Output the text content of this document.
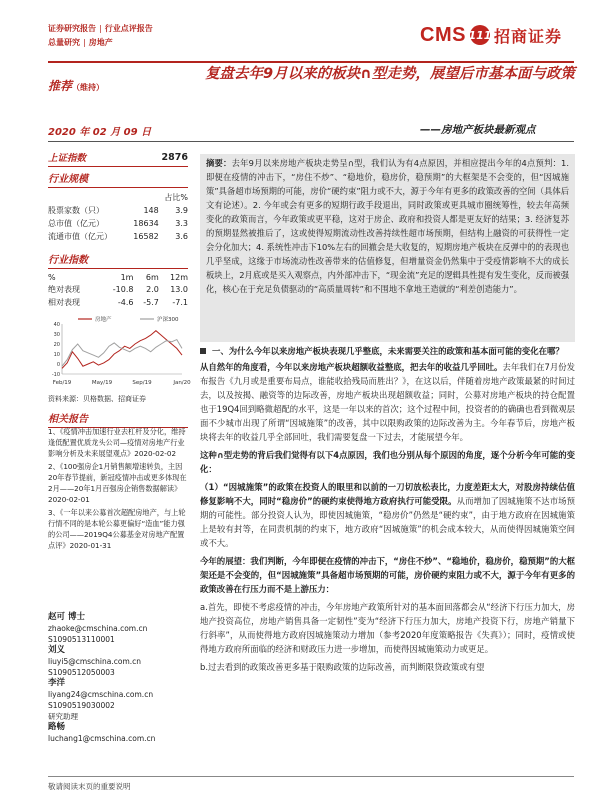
证券研究报告 | 行业点评报告
总量研究 | 房地产	CMS 111 招商证券
推荐（维持）
复盘去年9月以来的板块∩型走势，展望后市基本面与政策
2020 年 02 月 09 日	——房地产板块最新观点
上证指数	2876
行业规模
		占比%
股票家数（只）	148	3.9
总市值（亿元）	18634	3.3
流通市值（亿元）	16582	3.6
行业指数
%	1m	6m	12m
绝对表现	-10.8	2.0	13.0
相对表现	-4.6	-5.7	-7.1
40
30
20
10
0
-10
Feb/19	May/19	Sep/19	Jan/20
房地产	沪深300
资料来源：贝格数据、招商证券
相关报告
1、《疫情冲击加速行业去杠杆及分化，维持逢低配置优质龙头公司—疫情对房地产行业影响分析及未来展望观点》2020-02-02
2、《100强房企1月销售额增速转负，主因20年春节提前，新冠疫情冲击或更多体现在2月——20年1月百强房企销售数据解读》2020-02-01
3、《一年以来公募首次超配房地产，与上轮行情不同的是本轮公募更偏好“造血”能力强的公司——2019Q4公募基金对房地产配置点评》2020-01-31
赵可 博士
zhaoke@cmschina.com.cn
S1090513110001
刘义
liuyi5@cmschina.com.cn
S1090512050003
李洋
liyang24@cmschina.com.cn
S1090519030002
研究助理
路畅
luchang1@cmschina.com.cn
摘要：去年9月以来房地产板块走势呈∩型，我们认为有4点原因，并相应提出今年的4点预判：1. 即便在疫情的冲击下，“房住不炒”、“稳地价，稳房价，稳预期”的大框架是不会变的，但“因城施策”具备超市场预期的可能，房价“硬约束”阻力或不大，源于今年有更多的政策改善的空间（具体后文有论述）。2. 今年或会有更多的短期行政手段退出，同时政策或更具城市圈统筹性，较去年高频变化的政策而言，今年政策或更平稳，这对于房企、政府和投资人都是更友好的结果；3. 经济复苏的预期显然被推后了，这或使得短期流动性改善持续性超市场预期，但结构上融资的可获得性一定会分化加大；4. 系统性冲击下10%左右的回撤会是大收复的，短期房地产板块在反弹中的的表现也几乎坚成，这缘于市场流动性改善带来的估值修复，但增量资金仍然集中于受疫情影响不大的成长板块上，2月底或是买入观察点，内外部冲击下，“现金流”充足的逻辑具性提有发生变化，反而被强化，核心在于充足负债驱动的“高质量周转”和不围地不拿地王造就的“利差创造能力”。
一、为什么今年以来房地产板块表现几乎整底，未来需要关注的政策和基本面可能的变化在哪？
从自然年的角度看，今年以来房地产板块超额收益整底，把去年的收益几乎回吐。去年我们在7月份发布报告《九月或是重要布局点，谁能收拾残局而胜出？》，在这以后，伴随着房地产政策最紧的时间过去，以及按揭、融资等的边际改善，房地产板块出现超额收益；同时，公募对房地产板块的持仓配置也于19Q4回到略微超配的水平，这是一年以来的首次；这个过程中间，投资者的的确确也看到微观层面不少城市出现了所谓“因城施策”的改善，其中以限购政策的边际改善为主。今年春节后，房地产板块将去年的收益几乎全部回吐，我们需要复盘一下过去，才能展望今年。
这种∩型走势的背后我们觉得有以下4点原因，我们也分别从每个原因的角度，逐个分析今年可能的变化：
（1）“因城施策”的政策在投资人的眼里和以前的一刀切放松表比，力度差距太大，对股房持续估值修复影响不大，同时“稳房价”的硬约束使得地方政府执行可能受限。从而增加了因城施策不达市场预期的可能性。部分投资人认为，即使因城施策，“稳房价”仍然是“硬约束”，由于地方政府在因城施策上是较有封等，在同责机制的约束下，地方政府“因城施策”的机会成本较大，从而使得因城施策空间或不大。
今年的展望：我们判断，今年即便在疫情的冲击下，“房住不炒”、“稳地价，稳房价，稳预期”的大框架还是不会变的，但“因城施策”具备超市场预期的可能，房价硬约束阻力或不大，源于今年有更多的政策改善在行压力而不是上游压力：
a.首先，即使不考虑疫情的冲击，今年房地产政策所针对的基本面回落都会从“经济下行压力加大，房地产投资高位，房地产销售具备一定韧性”变为“经济下行压力加大，房地产投资下行，房地产销量下行斜率”，从而使得地方政府因城施策动力增加（参考2020年度策略报告《失真》）；同时，疫情或使得地方政府所面临的经济和财政压力进一步增加，而使得因城施策动力或更足。
b.过去看到的政策改善更多基于限购政策的边际改善，而判断限贷政策或有望
敬请阅读末页的重要说明
